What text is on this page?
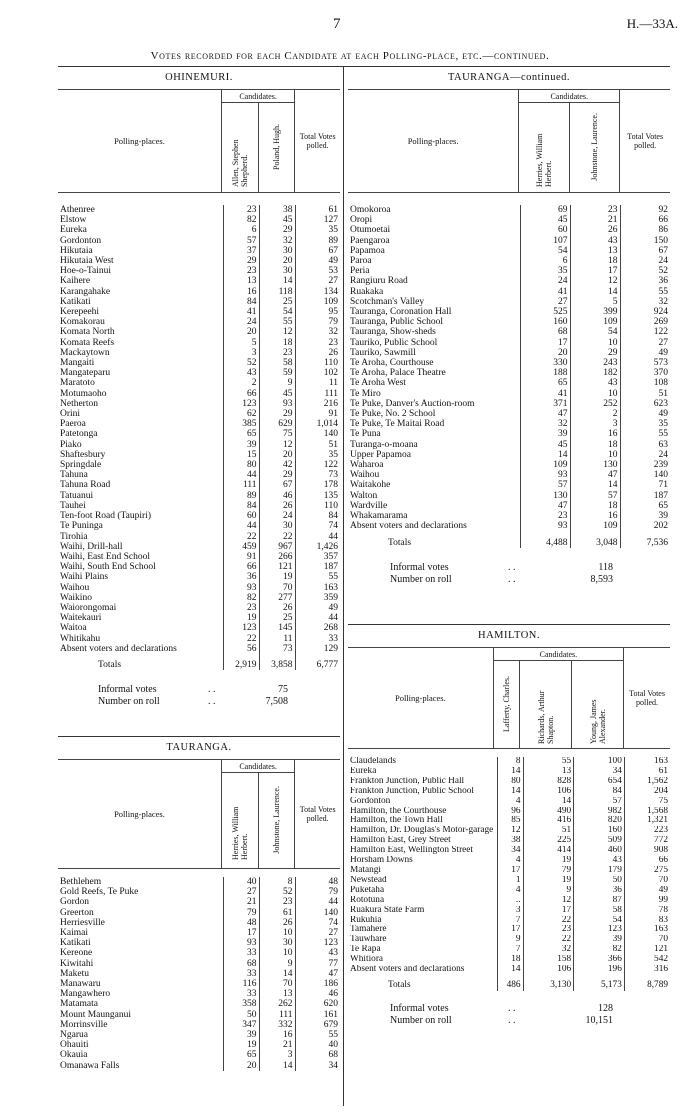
7	H.—33A.
Votes recorded for each Candidate at each Polling-place, etc.—continued.
OHINEMURI.
Polling-places.	Candidates.		Total Votes polled.
	Allen, Stephen Shepherd.	Poland, Hugh.	
Athenree	23	38	61
Elstow	82	45	127
Eureka	6	29	35
Gordonton	57	32	89
Hikutaia	37	30	67
Hikutaia West	29	20	49
Hoe-o-Tainui	23	30	53
Kaihere	13	14	27
Karangahake	16	118	134
Katikati	84	25	109
Kerepeehi	41	54	95
Komakorau	24	55	79
Komata North	20	12	32
Komata Reefs	5	18	23
Mackaytown	3	23	26
Mangaiti	52	58	110
Mangateparu	43	59	102
Maratoto	2	9	11
Motumaoho	66	45	111
Netherton	123	93	216
Orini	62	29	91
Paeroa	385	629	1,014
Patetonga	65	75	140
Piako	39	12	51
Shaftesbury	15	20	35
Springdale	80	42	122
Tahuna	44	29	73
Tahuna Road	111	67	178
Tatuanui	89	46	135
Tauhei	84	26	110
Ten-foot Road (Taupiri)	60	24	84
Te Puninga	44	30	74
Tirohia	22	22	44
Waihi, Drill-hall	459	967	1,426
Waihi, East End School	91	266	357
Waihi, South End School	66	121	187
Waihi Plains	36	19	55
Waihou	93	70	163
Waikino	82	277	359
Waiorongomai	23	26	49
Waitekauri	19	25	44
Waitoa	123	145	268
Whitikahu	22	11	33
Absent voters and declarations	56	73	129
Totals	2,919	3,858	6,777
Informal votes	. .	75
Number on roll	. .	7,508
TAURANGA.
Polling-places.	Candidates.		Total Votes polled.
	Herries, William Herbert.	Johnstone, Laurence.	
Bethlehem	40	8	48
Gold Reefs, Te Puke	27	52	79
Gordon	21	23	44
Greerton	79	61	140
Herriesville	48	26	74
Kaimai	17	10	27
Katikati	93	30	123
Kereone	33	10	43
Kiwitahi	68	9	77
Maketu	33	14	47
Manawaru	116	70	186
Mangawhero	33	13	46
Matamata	358	262	620
Mount Maunganui	50	111	161
Morrinsville	347	332	679
Ngarua	39	16	55
Ohauiti	19	21	40
Okauia	65	3	68
Omanawa Falls	20	14	34
TAURANGA—continued.
Polling-places.	Candidates.		Total Votes polled.
	Herries, William Herbert.	Johnstone, Laurence.	
Omokoroa	69	23	92
Oropi	45	21	66
Otumoetai	60	26	86
Paengaroa	107	43	150
Papamoa	54	13	67
Paroa	6	18	24
Peria	35	17	52
Rangiuru Road	24	12	36
Ruakaka	41	14	55
Scotchman's Valley	27	5	32
Tauranga, Coronation Hall	525	399	924
Tauranga, Public School	160	109	269
Tauranga, Show-sheds	68	54	122
Tauriko, Public School	17	10	27
Tauriko, Sawmill	20	29	49
Te Aroha, Courthouse	330	243	573
Te Aroha, Palace Theatre	188	182	370
Te Aroha West	65	43	108
Te Miro	41	10	51
Te Puke, Danver's Auction-room	371	252	623
Te Puke, No. 2 School	47	2	49
Te Puke, Te Maitai Road	32	3	35
Te Puna	39	16	55
Turanga-o-moana	45	18	63
Upper Papamoa	14	10	24
Waharoa	109	130	239
Waihou	93	47	140
Waitakohe	57	14	71
Walton	130	57	187
Wardville	47	18	65
Whakamarama	23	16	39
Absent voters and declarations	93	109	202
Totals	4,488	3,048	7,536
Informal votes	. .	118
Number on roll	. .	8,593
HAMILTON.
Polling-places.	Candidates.			Total Votes polled.
	Lafferty, Charles.	Richards, Arthur Shapton.	Young, James Alexander.	
Claudelands	8	55	100	163
Eureka	14	13	34	61
Frankton Junction, Public Hall	80	828	654	1,562
Frankton Junction, Public School	14	106	84	204
Gordonton	4	14	57	75
Hamilton, the Courthouse	96	490	982	1,568
Hamilton, the Town Hall	85	416	820	1,321
Hamilton, Dr. Douglas's Motor-garage	12	51	160	223
Hamilton East, Grey Street	38	225	509	772
Hamilton East, Wellington Street	34	414	460	908
Horsham Downs	4	19	43	66
Matangi	17	79	179	275
Newstead	1	19	50	70
Puketaha	4	9	36	49
Rototuna	..	12	87	99
Ruakura State Farm	3	17	58	78
Rukuhia	7	22	54	83
Tamahere	17	23	123	163
Tauwhare	9	22	39	70
Te Rapa	7	32	82	121
Whitiora	18	158	366	542
Absent voters and declarations	14	106	196	316
Totals	486	3,130	5,173	8,789
Informal votes	. .	128
Number on roll	. .	10,151
